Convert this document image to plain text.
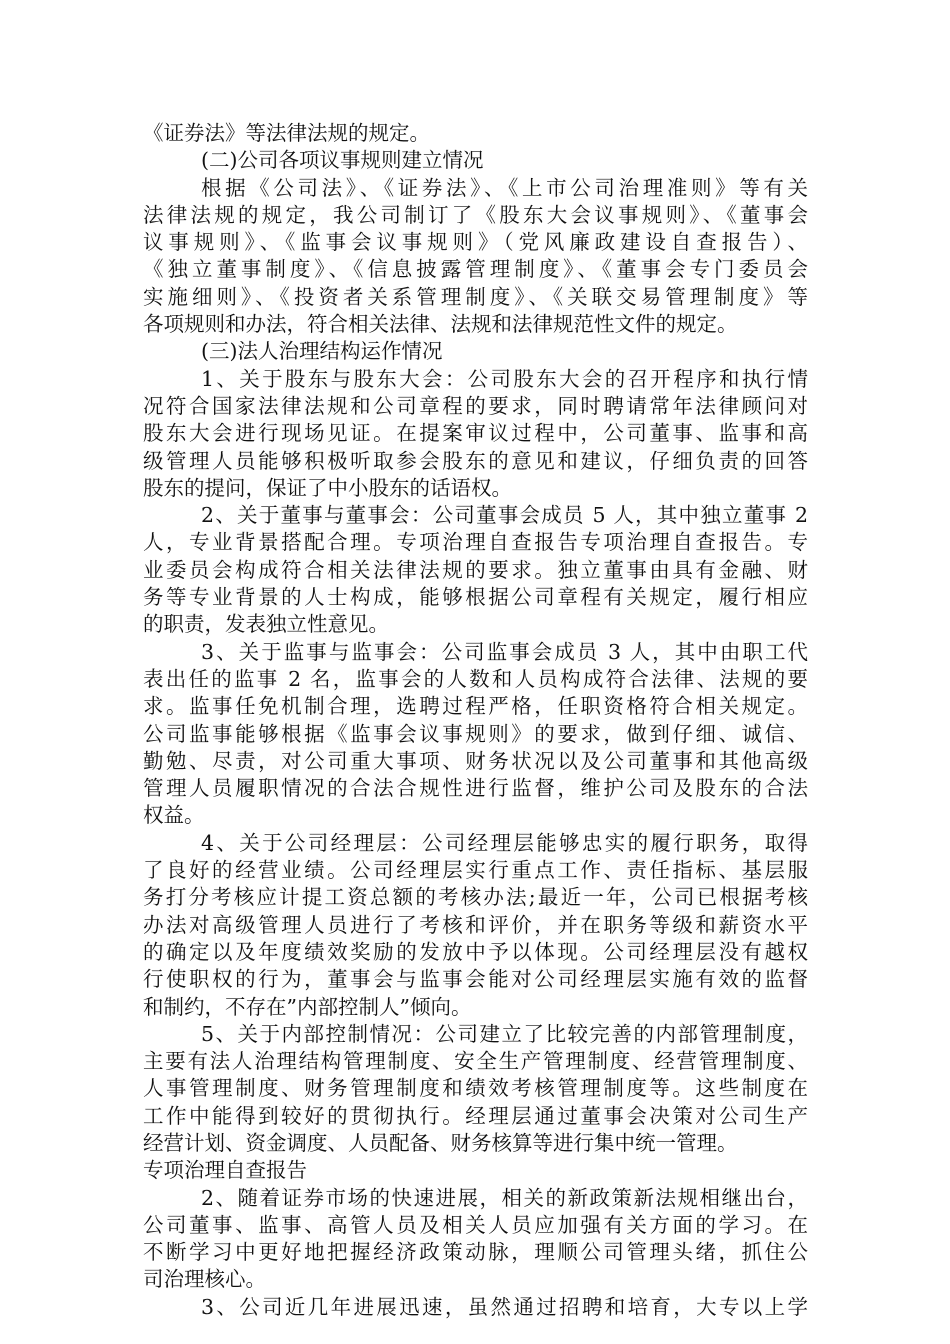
《证券法》等法律法规的规定。
(二)公司各项议事规则建立情况
根据《公司法》、《证券法》、《上市公司治理准则》等有关
法律法规的规定，我公司制订了《股东大会议事规则》、《董事会
议事规则》、《监事会议事规则》（党风廉政建设自查报告）、
《独立董事制度》、《信息披露管理制度》、《董事会专门委员会
实施细则》、《投资者关系管理制度》、《关联交易管理制度》等
各项规则和办法，符合相关法律、法规和法律规范性文件的规定。
(三)法人治理结构运作情况
1、关于股东与股东大会：公司股东大会的召开程序和执行情
况符合国家法律法规和公司章程的要求，同时聘请常年法律顾问对
股东大会进行现场见证。在提案审议过程中，公司董事、监事和高
级管理人员能够积极听取参会股东的意见和建议，仔细负责的回答
股东的提问，保证了中小股东的话语权。
2、关于董事与董事会：公司董事会成员 5 人，其中独立董事 2
人，专业背景搭配合理。专项治理自查报告专项治理自查报告。专
业委员会构成符合相关法律法规的要求。独立董事由具有金融、财
务等专业背景的人士构成，能够根据公司章程有关规定，履行相应
的职责，发表独立性意见。
3、关于监事与监事会：公司监事会成员 3 人，其中由职工代
表出任的监事 2 名，监事会的人数和人员构成符合法律、法规的要
求。监事任免机制合理，选聘过程严格，任职资格符合相关规定。
公司监事能够根据《监事会议事规则》的要求，做到仔细、诚信、
勤勉、尽责，对公司重大事项、财务状况以及公司董事和其他高级
管理人员履职情况的合法合规性进行监督，维护公司及股东的合法
权益。
4、关于公司经理层：公司经理层能够忠实的履行职务，取得
了良好的经营业绩。公司经理层实行重点工作、责任指标、基层服
务打分考核应计提工资总额的考核办法;最近一年，公司已根据考核
办法对高级管理人员进行了考核和评价，并在职务等级和薪资水平
的确定以及年度绩效奖励的发放中予以体现。公司经理层没有越权
行使职权的行为，董事会与监事会能对公司经理层实施有效的监督
和制约，不存在”内部控制人”倾向。
5、关于内部控制情况：公司建立了比较完善的内部管理制度，
主要有法人治理结构管理制度、安全生产管理制度、经营管理制度、
人事管理制度、财务管理制度和绩效考核管理制度等。这些制度在
工作中能得到较好的贯彻执行。经理层通过董事会决策对公司生产
经营计划、资金调度、人员配备、财务核算等进行集中统一管理。
专项治理自查报告
2、随着证券市场的快速进展，相关的新政策新法规相继出台，
公司董事、监事、高管人员及相关人员应加强有关方面的学习。在
不断学习中更好地把握经济政策动脉，理顺公司管理头绪，抓住公
司治理核心。
3、公司近几年进展迅速，虽然通过招聘和培育，大专以上学
